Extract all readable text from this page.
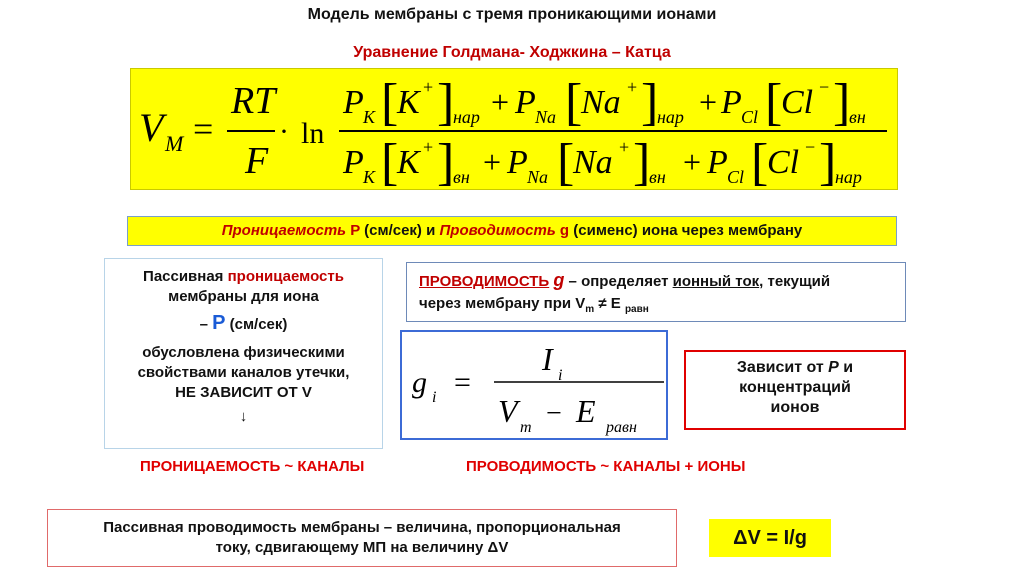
Модель мембраны с тремя проникающими ионами
Уравнение Голдмана- Ходжкина – Катца
V M =
RT
F
· ln
P K [
K + ]
нар + P Na [
Na + ]
нар + P Cl [
Cl − ]
вн
P K [
K + ]
вн + P Na [
Na + ]
вн + P Cl [
Cl − ]
нар
Проницаемость P (см/сек) и Проводимость g (сименс) иона через мембрану
Пассивная проницаемость
мембраны для иона
– P (см/сек)
обусловлена физическими
свойствами каналов утечки,
НЕ ЗАВИСИТ ОТ V
↓
ПРОВОДИМОСТЬ g – определяет ионный ток, текущий
через мембрану при $V_m \ne E$ $_{равн}$
g i =
I i
V m − E равн
Зависит от P и
концентраций
ионов
ПРОНИЦАЕМОСТЬ ~ КАНАЛЫ	ПРОВОДИМОСТЬ ~ КАНАЛЫ + ИОНЫ
Пассивная проводимость мембраны – величина, пропорциональная
току, сдвигающему МП на величину ΔV	ΔV = I/g
